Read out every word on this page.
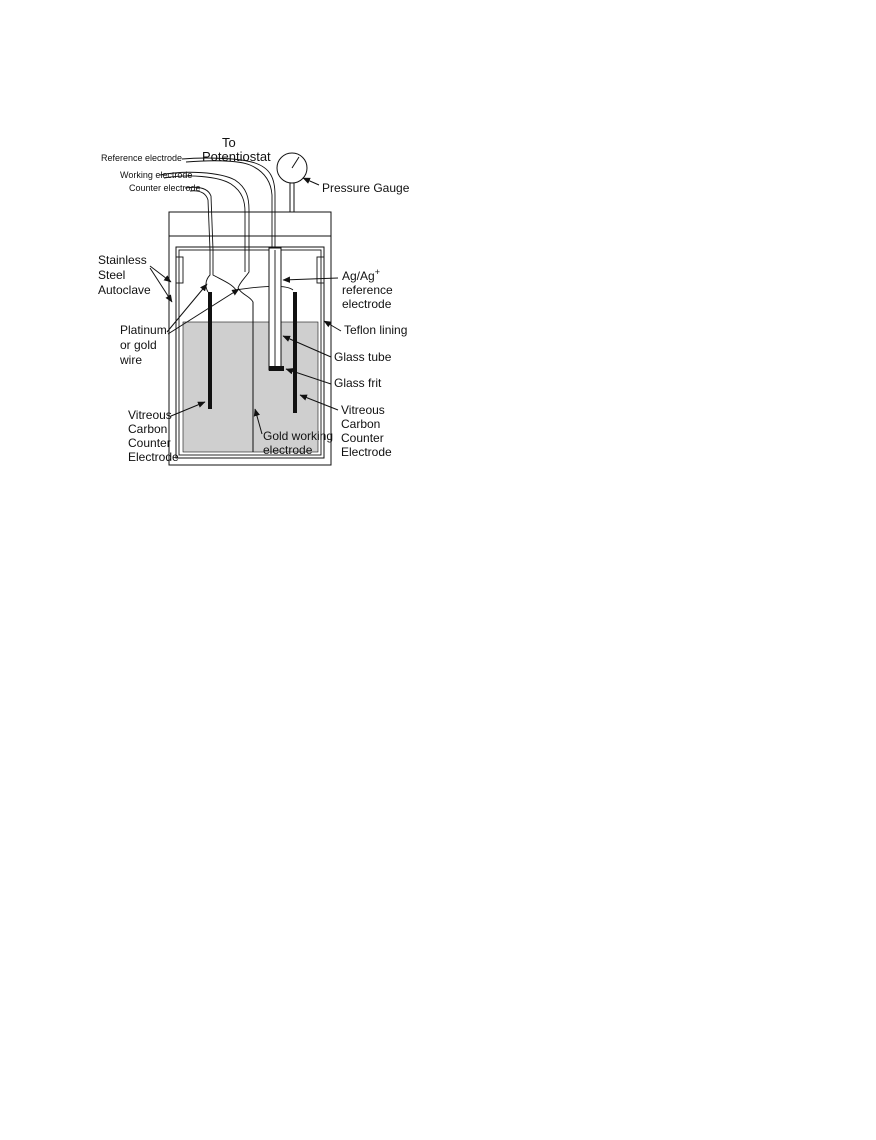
To
Potentiostat
Reference electrode
Working electrode
Counter electrode	Pressure Gauge
Stainless
Steel
Autoclave
Ag/Ag+
reference
electrode
Teflon lining
Platinum
or gold
wire	Glass tube
Glass frit
Vitreous
Carbon
Counter
Electrode
Vitreous
Carbon
Counter
Electrode
Gold working
electrode
